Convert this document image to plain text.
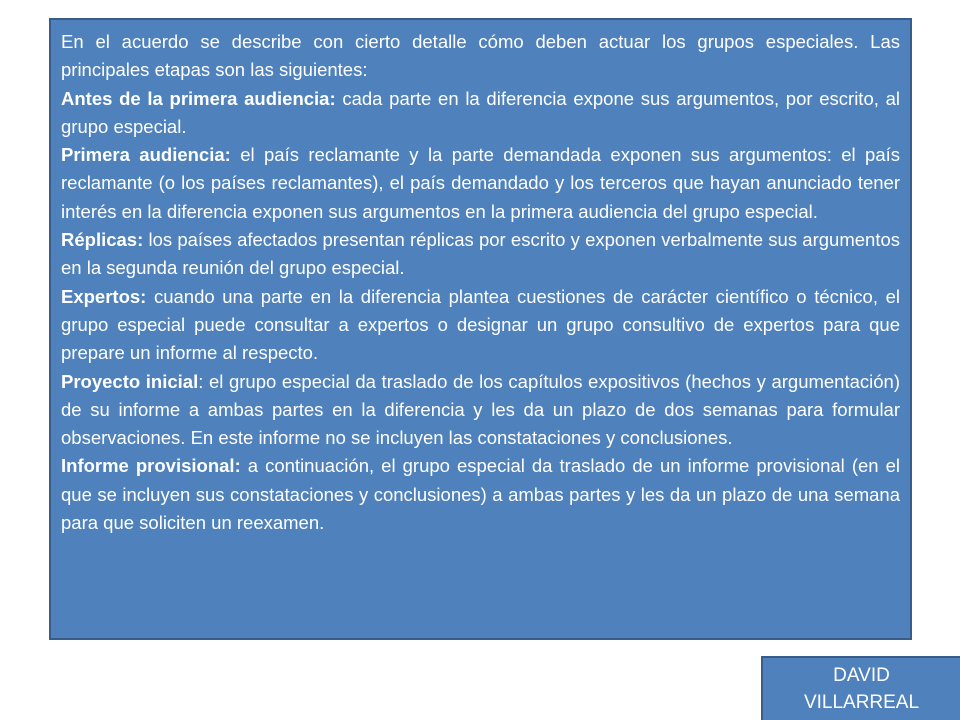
En el acuerdo se describe con cierto detalle cómo deben actuar los grupos especiales. Las principales etapas son las siguientes:

Antes de la primera audiencia: cada parte en la diferencia expone sus argumentos, por escrito, al grupo especial.

Primera audiencia: el país reclamante y la parte demandada exponen sus argumentos: el país reclamante (o los países reclamantes), el país demandado y los terceros que hayan anunciado tener interés en la diferencia exponen sus argumentos en la primera audiencia del grupo especial.

Réplicas: los países afectados presentan réplicas por escrito y exponen verbalmente sus argumentos en la segunda reunión del grupo especial.

Expertos: cuando una parte en la diferencia plantea cuestiones de carácter científico o técnico, el grupo especial puede consultar a expertos o designar un grupo consultivo de expertos para que prepare un informe al respecto.

Proyecto inicial: el grupo especial da traslado de los capítulos expositivos (hechos y argumentación) de su informe a ambas partes en la diferencia y les da un plazo de dos semanas para formular observaciones. En este informe no se incluyen las constataciones y conclusiones.

Informe provisional: a continuación, el grupo especial da traslado de un informe provisional (en el que se incluyen sus constataciones y conclusiones) a ambas partes y les da un plazo de una semana para que soliciten un reexamen.

DAVID
VILLARREAL
